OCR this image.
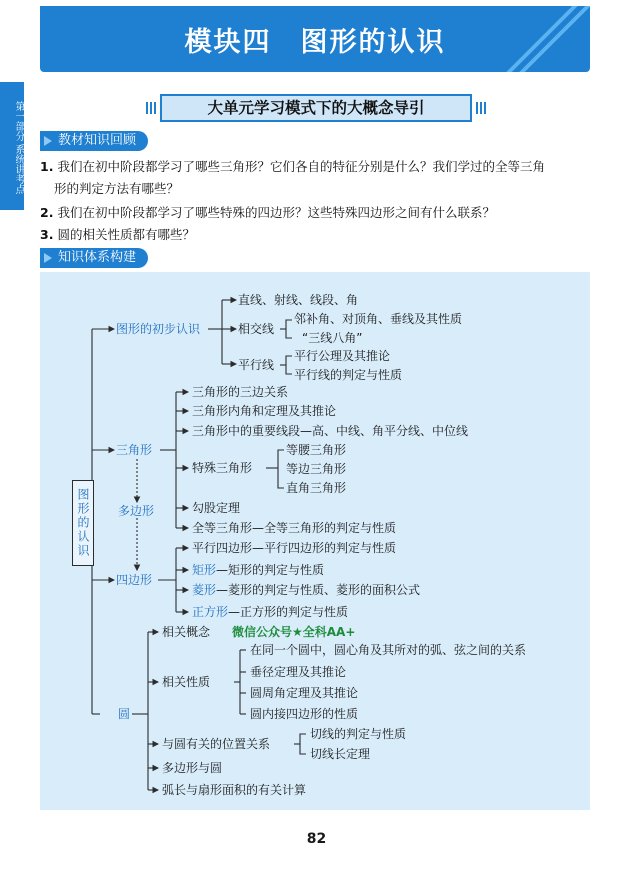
模块四　图形的认识
第一部分 系统讲考点	大单元学习模式下的大概念导引
教材知识回顾
1. 我们在初中阶段都学习了哪些三角形？它们各自的特征分别是什么？我们学过的全等三角
形的判定方法有哪些？
2. 我们在初中阶段都学习了哪些特殊的四边形？这些特殊四边形之间有什么联系？
3. 圆的相关性质都有哪些？
知识体系构建
图形的认识
图形的初步认识
直线、射线、线段、角
相交线
邻补角、对顶角、垂线及其性质
“三线八角”
平行线
平行公理及其推论
平行线的判定与性质
三角形
三角形的三边关系
三角形内角和定理及其推论
三角形中的重要线段—高、中线、角平分线、中位线
特殊三角形
等腰三角形
等边三角形
直角三角形
勾股定理
全等三角形—全等三角形的判定与性质
多边形
四边形
平行四边形—平行四边形的判定与性质
矩形—矩形的判定与性质
菱形—菱形的判定与性质、菱形的面积公式
正方形—正方形的判定与性质
圆
相关概念 微信公众号★全科AA+
相关性质
在同一个圆中，圆心角及其所对的弧、弦之间的关系
垂径定理及其推论
圆周角定理及其推论
圆内接四边形的性质
与圆有关的位置关系
切线的判定与性质
切线长定理
多边形与圆
弧长与扇形面积的有关计算
82
